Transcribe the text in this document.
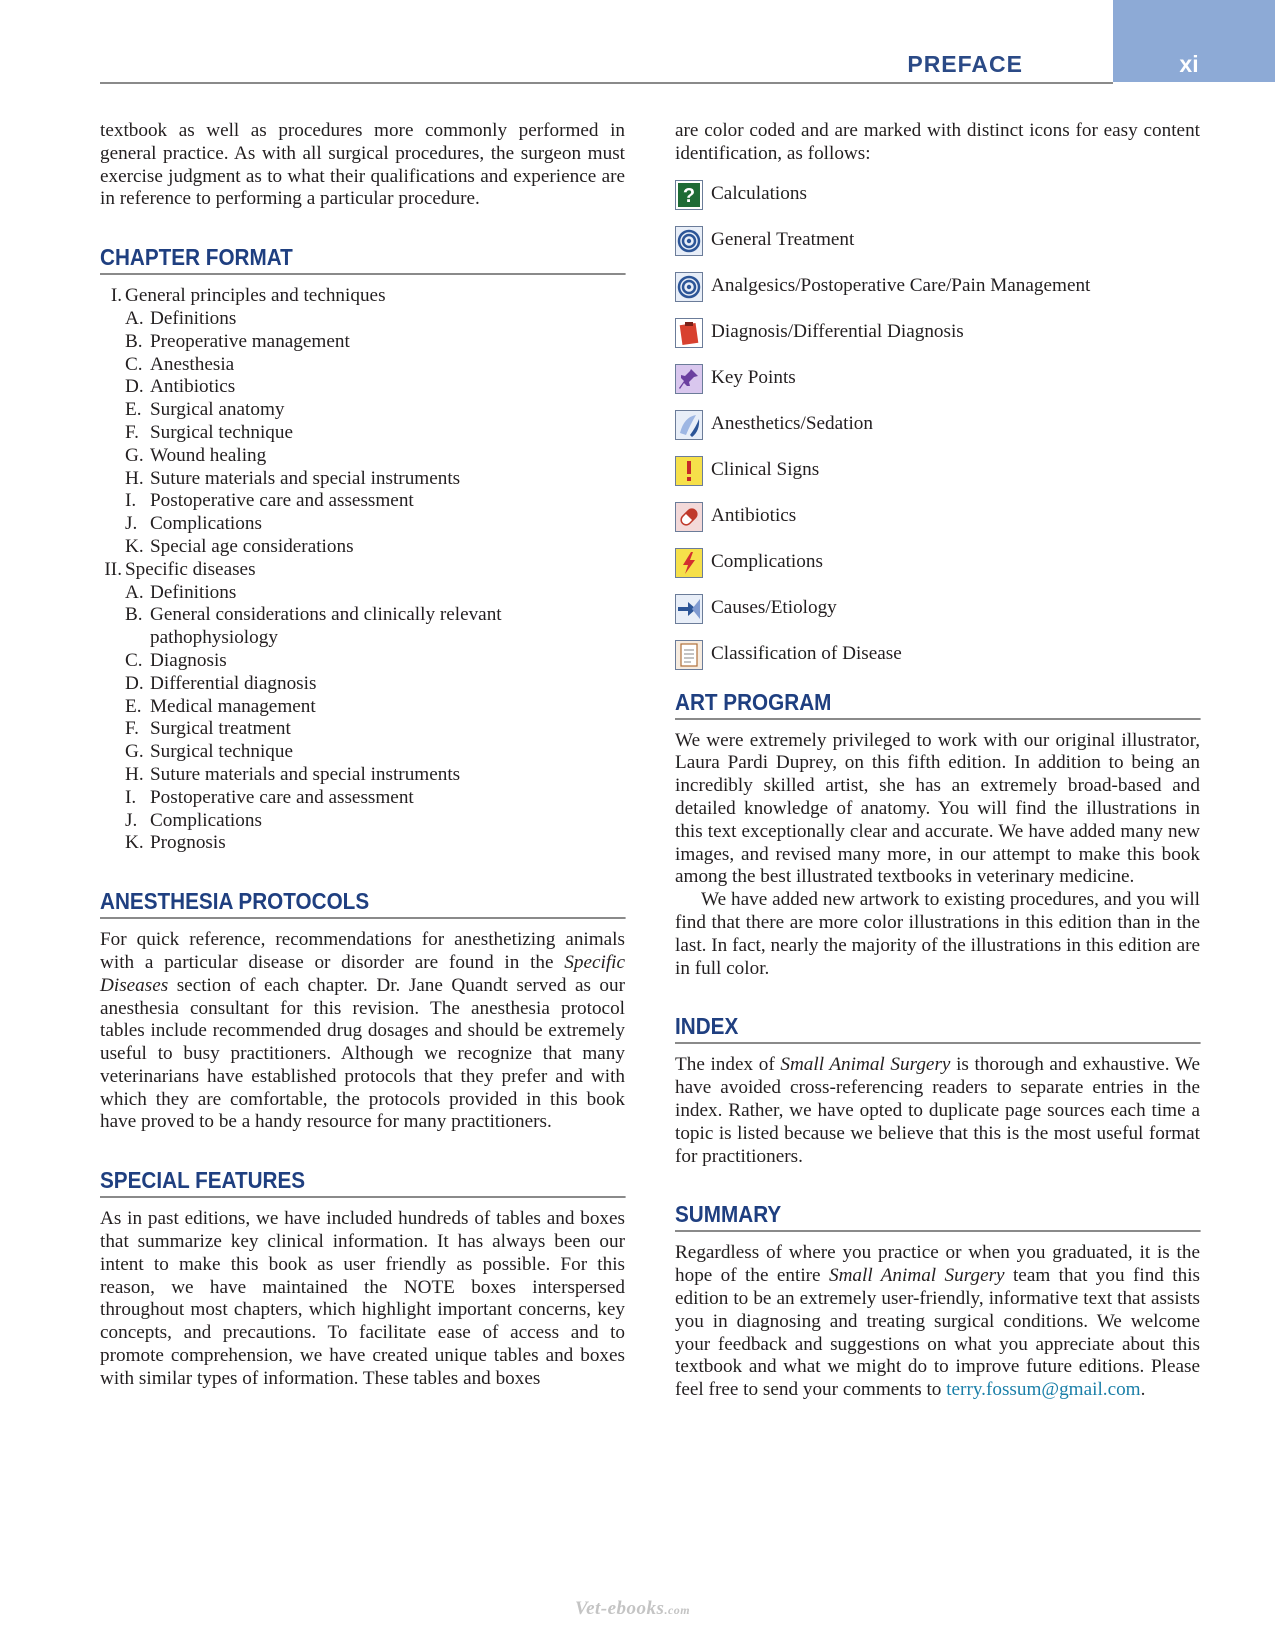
PREFACE	xi

textbook as well as procedures more commonly performed in general practice. As with all surgical procedures, the surgeon must exercise judgment as to what their qualifications and experience are in reference to performing a particular procedure.

CHAPTER FORMAT
I. General principles and techniques
A. Definitions
B. Preoperative management
C. Anesthesia
D. Antibiotics
E. Surgical anatomy
F. Surgical technique
G. Wound healing
H. Suture materials and special instruments
I. Postoperative care and assessment
J. Complications
K. Special age considerations
II. Specific diseases
A. Definitions
B. General considerations and clinically relevant pathophysiology
C. Diagnosis
D. Differential diagnosis
E. Medical management
F. Surgical treatment
G. Surgical technique
H. Suture materials and special instruments
I. Postoperative care and assessment
J. Complications
K. Prognosis
ANESTHESIA PROTOCOLS

For quick reference, recommendations for anesthetizing animals with a particular disease or disorder are found in the Specific Diseases section of each chapter. Dr. Jane Quandt served as our anesthesia consultant for this revision. The anesthesia protocol tables include recommended drug dosages and should be extremely useful to busy practitioners. Although we recognize that many veterinarians have established protocols that they prefer and with which they are comfortable, the protocols provided in this book have proved to be a handy resource for many practitioners.

SPECIAL FEATURES

As in past editions, we have included hundreds of tables and boxes that summarize key clinical information. It has always been our intent to make this book as user friendly as possible. For this reason, we have maintained the NOTE boxes interspersed throughout most chapters, which highlight important concerns, key concepts, and precautions. To facilitate ease of access and to promote comprehension, we have created unique tables and boxes with similar types of information. These tables and boxes

are color coded and are marked with distinct icons for easy content identification, as follows:

? Calculations
General Treatment
Analgesics/Postoperative Care/Pain Management
Diagnosis/Differential Diagnosis
Key Points
Anesthetics/Sedation
Clinical Signs
Antibiotics
Complications
Causes/Etiology
Classification of Disease
ART PROGRAM

We were extremely privileged to work with our original illustrator, Laura Pardi Duprey, on this fifth edition. In addition to being an incredibly skilled artist, she has an extremely broad-based and detailed knowledge of anatomy. You will find the illustrations in this text exceptionally clear and accurate. We have added many new images, and revised many more, in our attempt to make this book among the best illustrated textbooks in veterinary medicine.

We have added new artwork to existing procedures, and you will find that there are more color illustrations in this edition than in the last. In fact, nearly the majority of the illustrations in this edition are in full color.

INDEX

The index of Small Animal Surgery is thorough and exhaustive. We have avoided cross-referencing readers to separate entries in the index. Rather, we have opted to duplicate page sources each time a topic is listed because we believe that this is the most useful format for practitioners.

SUMMARY

Regardless of where you practice or when you graduated, it is the hope of the entire Small Animal Surgery team that you find this edition to be an extremely user-friendly, informative text that assists you in diagnosing and treating surgical conditions. We welcome your feedback and suggestions on what you appreciate about this textbook and what we might do to improve future editions. Please feel free to send your comments to terry.fossum@gmail.com.

Vet-ebooks.com
